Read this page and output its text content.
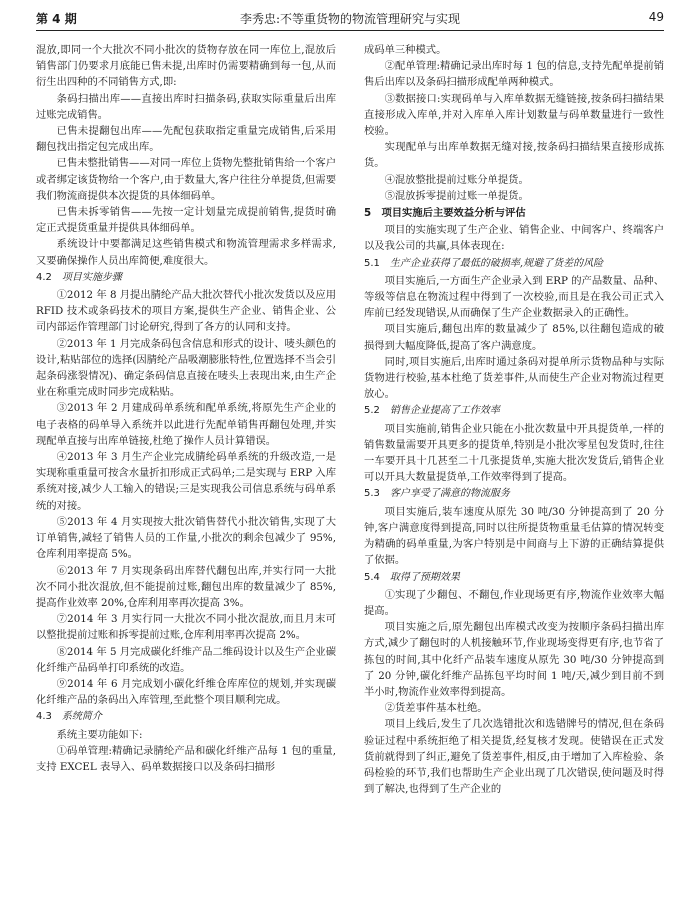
第 4 期	李秀忠:不等重货物的物流管理研究与实现	49

混放,即同一个大批次不同小批次的货物存放在同一库位上,混放后销售部门仍要求月底能已售未提,出库时仍需要精确到每一包,从而衍生出四种的不同销售方式,即:

条码扫描出库——直接出库时扫描条码,获取实际重量后出库过账完成销售。

已售未提翻包出库——先配包获取指定重量完成销售,后采用翻包找出指定包完成出库。

已售未整批销售——对同一库位上货物先整批销售给一个客户或者绑定该货物给一个客户,由于数量大,客户往往分单提货,但需要我们物流商提供本次提货的具体细码单。

已售未拆零销售——先按一定计划量完成提前销售,提货时确定正式提货重量并提供具体细码单。

系统设计中要都满足这些销售模式和物流管理需求多样需求,又要确保操作人员出库简便,难度很大。

4.2 项目实施步骤

①2012 年 8 月提出腈纶产品大批次替代小批次发货以及应用 RFID 技术或条码技术的项目方案,提供生产企业、销售企业、公司内部运作管理部门讨论研究,得到了各方的认同和支持。

②2013 年 1 月完成条码包含信息和形式的设计、唛头颜色的设计,粘贴部位的选择(因腈纶产品吸潮膨胀特性,位置选择不当会引起条码涨裂情况)、确定条码信息直接在唛头上表现出来,由生产企业在称重完成时同步完成粘贴。

③2013 年 2 月建成码单系统和配单系统,将原先生产企业的电子表格的码单导入系统并以此进行先配单销售再翻包处理,并实现配单直接与出库单链接,杜绝了操作人员计算错误。

④2013 年 3 月生产企业完成腈纶码单系统的升级改造,一是实现称重重量可按含水量折扣形成正式码单;二是实现与 ERP 入库系统对接,减少人工输入的错误;三是实现我公司信息系统与码单系统的对接。

⑤2013 年 4 月实现按大批次销售替代小批次销售,实现了大订单销售,减轻了销售人员的工作量,小批次的剩余包减少了 95%,仓库利用率提高 5%。

⑥2013 年 7 月实现条码出库替代翻包出库,并实行同一大批次不同小批次混放,但不能提前过账,翻包出库的数量减少了 85%,提高作业效率 20%,仓库利用率再次提高 3%。

⑦2014 年 3 月实行同一大批次不同小批次混放,而且月末可以整批提前过账和拆零提前过账,仓库利用率再次提高 2%。

⑧2014 年 5 月完成碳化纤维产品二维码设计以及生产企业碳化纤维产品码单打印系统的改造。

⑨2014 年 6 月完成划小碳化纤维仓库库位的规划,并实现碳化纤维产品的条码出入库管理,至此整个项目顺利完成。

4.3 系统简介

系统主要功能如下:

①码单管理:精确记录腈纶产品和碳化纤维产品每 1 包的重量,支持 EXCEL 表导入、码单数据接口以及条码扫描形

成码单三种模式。

②配单管理:精确记录出库时每 1 包的信息,支持先配单提前销售后出库以及条码扫描形成配单两种模式。

③数据接口:实现码单与入库单数据无缝链接,按条码扫描结果直接形成入库单,并对入库单入库计划数量与码单数量进行一致性校验。

实现配单与出库单数据无缝对接,按条码扫描结果直接形成拣货。

④混放整批提前过账分单提货。

⑤混放拆零提前过账一单提货。

5 项目实施后主要效益分析与评估

项目的实施实现了生产企业、销售企业、中间客户、终端客户以及我公司的共赢,具体表现在:

5.1 生产企业获得了最低的破损率,规避了货差的风险

项目实施后,一方面生产企业录入到 ERP 的产品数量、品种、等级等信息在物流过程中得到了一次校验,而且是在我公司正式入库前已经发现错误,从而确保了生产企业数据录入的正确性。

项目实施后,翻包出库的数量减少了 85%,以往翻包造成的破损得到大幅度降低,提高了客户满意度。

同时,项目实施后,出库时通过条码对提单所示货物品种与实际货物进行校验,基本杜绝了货差事件,从而使生产企业对物流过程更放心。

5.2 销售企业提高了工作效率

项目实施前,销售企业只能在小批次数量中开具提货单,一样的销售数量需要开具更多的提货单,特别是小批次零星包发货时,往往一车要开具十几甚至二十几张提货单,实施大批次发货后,销售企业可以开具大数量提货单,工作效率得到了提高。

5.3 客户享受了满意的物流服务

项目实施后,装车速度从原先 30 吨/30 分钟提高到了 20 分钟,客户满意度得到提高,同时以往所提货物重量毛估算的情况转变为精确的码单重量,为客户特别是中间商与上下游的正确结算提供了依据。

5.4 取得了预期效果

①实现了少翻包、不翻包,作业现场更有序,物流作业效率大幅提高。

项目实施之后,原先翻包出库模式改变为按顺序条码扫描出库方式,减少了翻包时的人机接触环节,作业现场变得更有序,也节省了拣包的时间,其中化纤产品装车速度从原先 30 吨/30 分钟提高到了 20 分钟,碳化纤维产品拣包平均时间 1 吨/天,减少到目前不到半小时,物流作业效率得到提高。

②货差事件基本杜绝。

项目上线后,发生了几次选错批次和选错牌号的情况,但在条码验证过程中系统拒绝了相关提货,经复核才发现。使错误在正式发货前就得到了纠正,避免了货差事件,相反,由于增加了入库检验、条码检验的环节,我们也帮助生产企业出现了几次错误,使问题及时得到了解决,也得到了生产企业的
